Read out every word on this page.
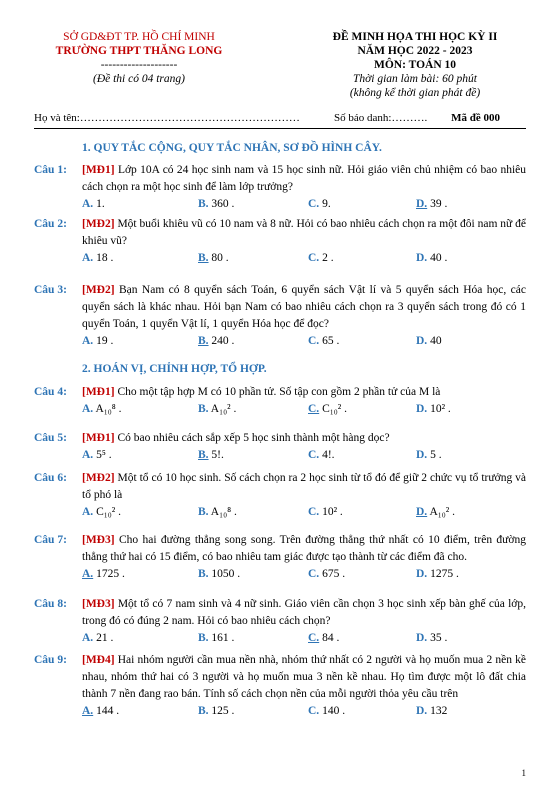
SỞ GD&ĐT TP. HỒ CHÍ MINH
TRƯỜNG THPT THĂNG LONG
--------------------
(Đề thi có 04 trang)
ĐỀ MINH HỌA THI HỌC KỲ II
NĂM HỌC 2022 - 2023
MÔN: TOÁN 10
Thời gian làm bài: 60 phút
(không kể thời gian phát đề)
Họ và tên:……………………………………………………	Số báo danh:………. Mã đề 000
1. QUY TẮC CỘNG, QUY TẮC NHÂN, SƠ ĐỒ HÌNH CÂY.
2. HOÁN VỊ, CHỈNH HỢP, TỔ HỢP.
Câu 1: [MĐ1] Lớp 10A có 24 học sinh nam và 15 học sinh nữ. Hỏi giáo viên chủ nhiệm có bao nhiêu cách chọn ra một học sinh để làm lớp trưởng?
A. 1.	B. 360 .	C. 9.	D. 39 .
Câu 2: [MĐ2] Một buổi khiêu vũ có 10 nam và 8 nữ. Hỏi có bao nhiêu cách chọn ra một đôi nam nữ để khiêu vũ?
A. 18 .	B. 80 .	C. 2 .	D. 40 .
Câu 3: [MĐ2] Bạn Nam có 8 quyển sách Toán, 6 quyển sách Vật lí và 5 quyển sách Hóa học, các quyển sách là khác nhau. Hỏi bạn Nam có bao nhiêu cách chọn ra 3 quyển sách trong đó có 1 quyển Toán, 1 quyển Vật lí, 1 quyển Hóa học để đọc?
A. 19 .	B. 240 .	C. 65 .	D. 40
Câu 4: [MĐ1] Cho một tập hợp M có 10 phần tử. Số tập con gồm 2 phần tử của M là
A. A₁₀⁸ .	B. A₁₀² .	C. C₁₀² .	D. 10² .
Câu 5: [MĐ1] Có bao nhiêu cách sắp xếp 5 học sinh thành một hàng dọc?
A. 5⁵ .	B. 5!.	C. 4!.	D. 5 .
Câu 6: [MĐ2] Một tổ có 10 học sinh. Số cách chọn ra 2 học sinh từ tổ đó để giữ 2 chức vụ tổ trưởng và tổ phó là
A. C₁₀² .	B. A₁₀⁸ .	C. 10² .	D. A₁₀² .
Câu 7: [MĐ3] Cho hai đường thẳng song song. Trên đường thẳng thứ nhất có 10 điểm, trên đường thẳng thứ hai có 15 điểm, có bao nhiêu tam giác được tạo thành từ các điểm đã cho.
A. 1725 .	B. 1050 .	C. 675 .	D. 1275 .
Câu 8: [MĐ3] Một tổ có 7 nam sinh và 4 nữ sinh. Giáo viên cần chọn 3 học sinh xếp bàn ghế của lớp, trong đó có đúng 2 nam. Hỏi có bao nhiêu cách chọn?
A. 21 .	B. 161 .	C. 84 .	D. 35 .
Câu 9: [MĐ4] Hai nhóm người cần mua nền nhà, nhóm thứ nhất có 2 người và họ muốn mua 2 nền kề nhau, nhóm thứ hai có 3 người và họ muốn mua 3 nền kề nhau. Họ tìm được một lô đất chia thành 7 nền đang rao bán. Tính số cách chọn nền của mỗi người thỏa yêu cầu trên
A. 144 .	B. 125 .	C. 140 .	D. 132
1
